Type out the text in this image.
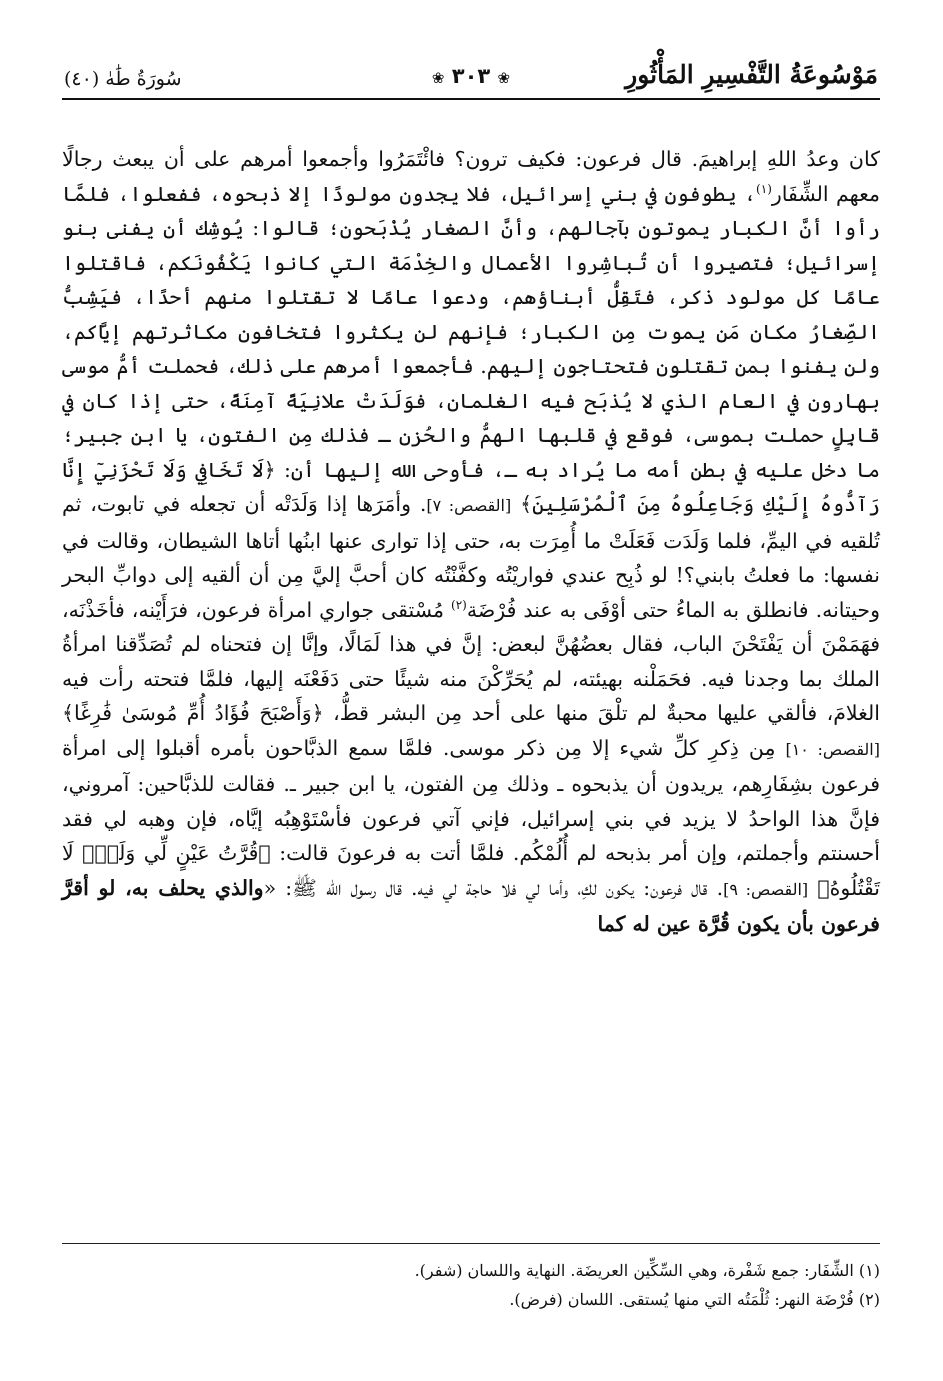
مَوْسُوعَةُ التَّفْسِيرِ المَأْثُورِ
❀ ٣٠٣ ❀
سُورَةُ طَٰهٰ (٤٠)

كان وعدُ اللهِ إبراهيمَ. قال فرعون: فكيف ترون؟ فائْتَمَرُوا وأجمعوا أمرهم على أن يبعث رجالًا معهم الشِّفَار$^{(١)}$، يطوفون في بني إسرائيل، فلا يجدون مولودًا إلا ذبحوه، ففعلوا، فلمَّا رأوا أنَّ الكبار يموتون بآجالهم، وأنَّ الصغار يُذْبَحون؛ قالوا: يُوشِك أن يفنى بنو إسرائيل؛ فتصيروا أن تُباشِروا الأعمال والخِدْمَة التي كانوا يَكْفُونَكم، فاقتلوا عامًا كل مولود ذكر، فتَقِلُّ أبناؤهم، ودعوا عامًا لا تقتلوا منهم أحدًا، فيَشِبُّ الصِّغارُ مكان مَن يموت مِن الكبار؛ فإنهم لن يكثروا فتخافون مكاثرتهم إيَّاكم، ولن يفنوا بمن تقتلون فتحتاجون إليهم. فأجمعوا أمرهم على ذلك، فحملت أمُّ موسى بهارون في العام الذي لا يُذبَح فيه الغلمان، فوَلَدَتْ علانِيَةً آمِنَةً، حتى إذا كان في قابِلٍ حملت بموسى، فوقع في قلبها الهمُّ والحُزن ـ فذلك مِن الفتون، يا ابن جبير؛ ما دخل عليه في بطن أمه ما يُراد به ـ، فأوحى الله إليها أن: ﴿لَا تَخَافِي وَلَا تَحْزَنِيٓ إِنَّا رَآدُّوهُ إِلَيْكِ وَجَاعِلُوهُ مِنَ ٱلْمُرْسَلِينَ﴾ [القصص: ٧]. وأمَرَها إذا وَلَدَتْه أن تجعله في تابوت، ثم تُلقيه في اليمِّ، فلما وَلَدَت فَعَلَتْ ما أُمِرَت به، حتى إذا توارى عنها ابنُها أتاها الشيطان، وقالت في نفسها: ما فعلتُ بابني؟! لو ذُبِح عندي فواريْتُه وكفَّنْتُه كان أحبَّ إليَّ مِن أن ألقيه إلى دوابِّ البحر وحيتانه. فانطلق به الماءُ حتى أوْفَى به عند فُرْضَة$^{(٢)}$ مُسْتقى جواري امرأة فرعون، فرَأَيْنه، فأخَذْنَه، فهَمَمْنَ أن يَفْتَحْنَ الباب، فقال بعضُهُنَّ لبعض: إنَّ في هذا لَمَالًا، وإنَّا إن فتحناه لم تُصَدِّقنا امرأةُ الملك بما وجدنا فيه. فحَمَلْنه بهيئته، لم يُحَرِّكْنَ منه شيئًا حتى دَفَعْنَه إليها، فلمَّا فتحته رأت فيه الغلامَ، فألقي عليها محبةٌ لم تلْقَ منها على أحد مِن البشر قطُّ، ﴿وَأَصْبَحَ فُؤَادُ أُمِّ مُوسَىٰ فَٰرِغًا﴾ [القصص: ١٠] مِن ذِكرِ كلِّ شيء إلا مِن ذكر موسى. فلمَّا سمع الذبَّاحون بأمره أقبلوا إلى امرأة فرعون بشِفَارِهم، يريدون أن يذبحوه ـ وذلك مِن الفتون، يا ابن جبير ـ. فقالت للذبَّاحين: آمروني، فإنَّ هذا الواحدُ لا يزيد في بني إسرائيل، فإني آتي فرعون فأسْتَوْهِبُه إيَّاه، فإن وهبه لي فقد أحسنتم وأجملتم، وإن أمر بذبحه لم أُلُمْكُم. فلمَّا أتت به فرعونَ قالت: ﴿قُرَّتُ عَيْنٍ لِّي وَلَكَۖ لَا تَقْتُلُوهُ﴾ [القصص: ٩]. قال فرعون: يكون لكِ، وأما لي فلا حاجة لي فيه. قال رسول الله ﷺ: «والذي يحلف به، لو أقرَّ فرعون بأن يكون قُرَّة عين له كما

(١) الشِّفَار: جمع شَفْرة، وهي السِّكِّين العريضَة. النهاية واللسان (شفر).
(٢) فُرْضَة النهر: ثُلْمَتُه التي منها يُستقى. اللسان (فرض).
